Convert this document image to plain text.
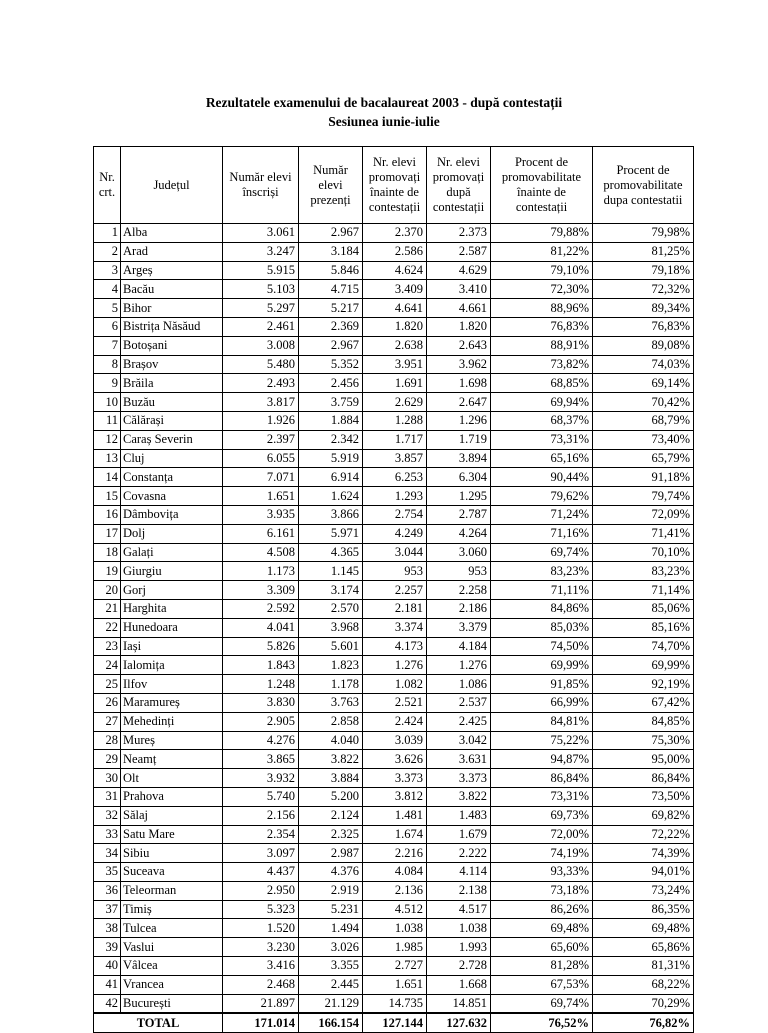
Rezultatele examenului de bacalaureat 2003 - după contestații
Sesiunea iunie-iulie
Nr. crt.	Județul	Număr elevi înscriși	Număr elevi prezenți	Nr. elevi promovați înainte de contestații	Nr. elevi promovați după contestații	Procent de promovabilitate înainte de contestații	Procent de promovabilitate dupa contestatii
1	Alba	3.061	2.967	2.370	2.373	79,88%	79,98%
2	Arad	3.247	3.184	2.586	2.587	81,22%	81,25%
3	Argeș	5.915	5.846	4.624	4.629	79,10%	79,18%
4	Bacău	5.103	4.715	3.409	3.410	72,30%	72,32%
5	Bihor	5.297	5.217	4.641	4.661	88,96%	89,34%
6	Bistrița Năsăud	2.461	2.369	1.820	1.820	76,83%	76,83%
7	Botoșani	3.008	2.967	2.638	2.643	88,91%	89,08%
8	Brașov	5.480	5.352	3.951	3.962	73,82%	74,03%
9	Brăila	2.493	2.456	1.691	1.698	68,85%	69,14%
10	Buzău	3.817	3.759	2.629	2.647	69,94%	70,42%
11	Călărași	1.926	1.884	1.288	1.296	68,37%	68,79%
12	Caraș Severin	2.397	2.342	1.717	1.719	73,31%	73,40%
13	Cluj	6.055	5.919	3.857	3.894	65,16%	65,79%
14	Constanța	7.071	6.914	6.253	6.304	90,44%	91,18%
15	Covasna	1.651	1.624	1.293	1.295	79,62%	79,74%
16	Dâmbovița	3.935	3.866	2.754	2.787	71,24%	72,09%
17	Dolj	6.161	5.971	4.249	4.264	71,16%	71,41%
18	Galați	4.508	4.365	3.044	3.060	69,74%	70,10%
19	Giurgiu	1.173	1.145	953	953	83,23%	83,23%
20	Gorj	3.309	3.174	2.257	2.258	71,11%	71,14%
21	Harghita	2.592	2.570	2.181	2.186	84,86%	85,06%
22	Hunedoara	4.041	3.968	3.374	3.379	85,03%	85,16%
23	Iași	5.826	5.601	4.173	4.184	74,50%	74,70%
24	Ialomița	1.843	1.823	1.276	1.276	69,99%	69,99%
25	Ilfov	1.248	1.178	1.082	1.086	91,85%	92,19%
26	Maramureș	3.830	3.763	2.521	2.537	66,99%	67,42%
27	Mehedinți	2.905	2.858	2.424	2.425	84,81%	84,85%
28	Mureș	4.276	4.040	3.039	3.042	75,22%	75,30%
29	Neamț	3.865	3.822	3.626	3.631	94,87%	95,00%
30	Olt	3.932	3.884	3.373	3.373	86,84%	86,84%
31	Prahova	5.740	5.200	3.812	3.822	73,31%	73,50%
32	Sălaj	2.156	2.124	1.481	1.483	69,73%	69,82%
33	Satu Mare	2.354	2.325	1.674	1.679	72,00%	72,22%
34	Sibiu	3.097	2.987	2.216	2.222	74,19%	74,39%
35	Suceava	4.437	4.376	4.084	4.114	93,33%	94,01%
36	Teleorman	2.950	2.919	2.136	2.138	73,18%	73,24%
37	Timiș	5.323	5.231	4.512	4.517	86,26%	86,35%
38	Tulcea	1.520	1.494	1.038	1.038	69,48%	69,48%
39	Vaslui	3.230	3.026	1.985	1.993	65,60%	65,86%
40	Vâlcea	3.416	3.355	2.727	2.728	81,28%	81,31%
41	Vrancea	2.468	2.445	1.651	1.668	67,53%	68,22%
42	București	21.897	21.129	14.735	14.851	69,74%	70,29%
TOTAL		171.014	166.154	127.144	127.632	76,52%	76,82%
